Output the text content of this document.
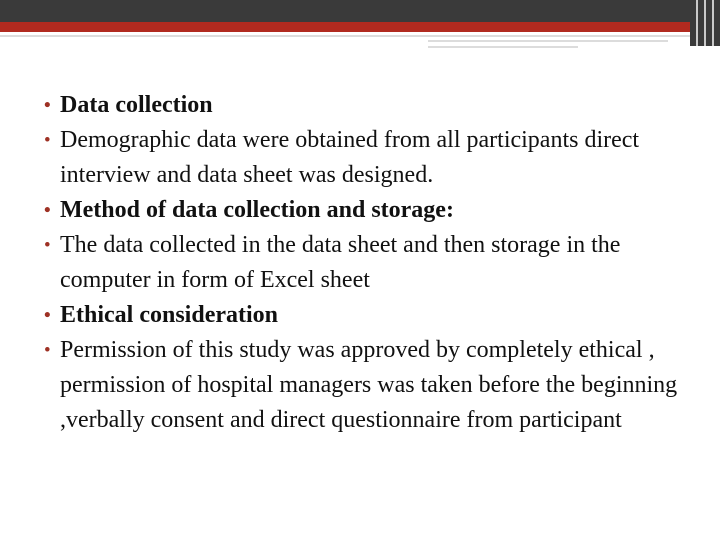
• Data collection
• Demographic data were obtained from all participants direct interview and data sheet was designed.
• Method of data collection and storage:
• The data collected in the data sheet and then storage in the computer in form of Excel sheet
• Ethical consideration
• Permission of this study was approved by completely ethical , permission of hospital managers was taken before the beginning ,verbally consent and direct questionnaire from participant
